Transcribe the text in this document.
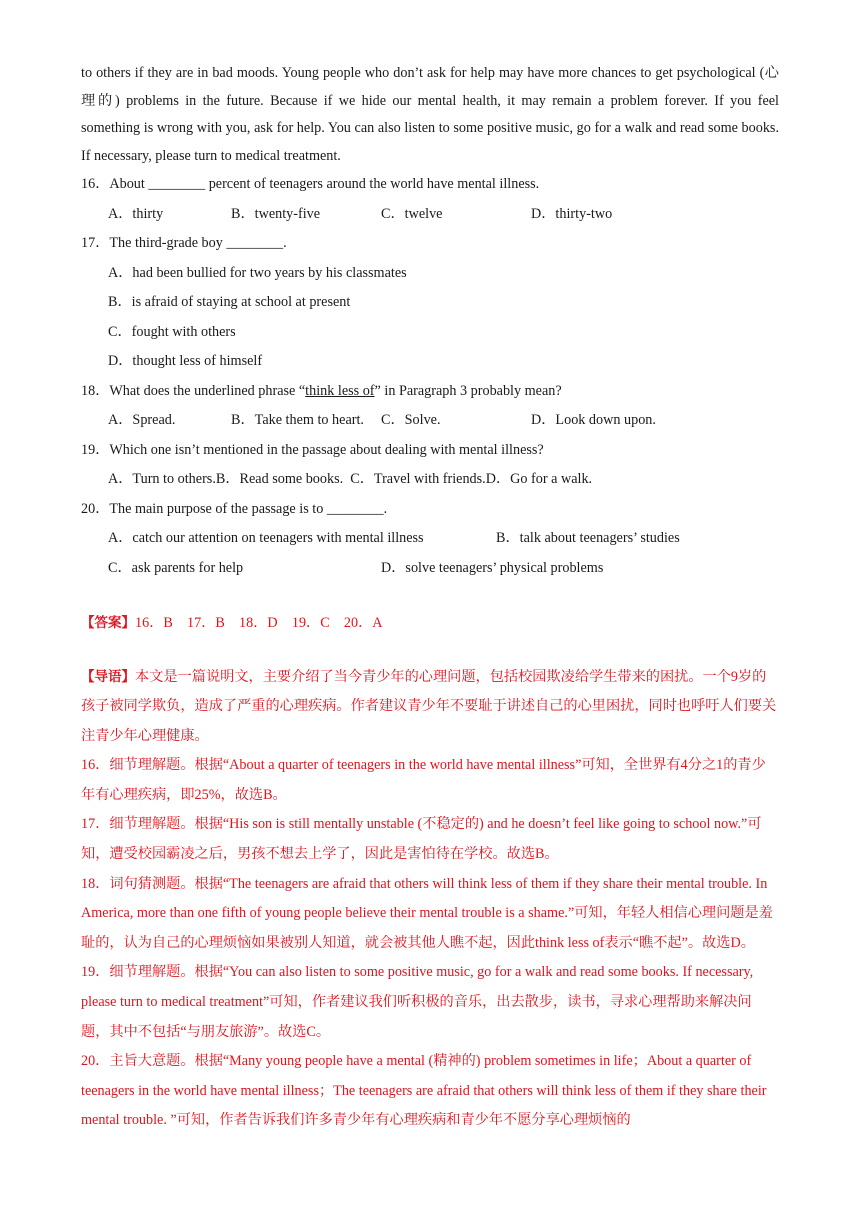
to others if they are in bad moods. Young people who don’t ask for help may have more chances to get psychological (心理的) problems in the future. Because if we hide our mental health, it may remain a problem forever. If you feel something is wrong with you, ask for help. You can also listen to some positive music, go for a walk and read some books. If necessary, please turn to medical treatment.

16．About ________ percent of teenagers around the world have mental illness.

A．thirty	B．twenty-five	C．twelve	D．thirty-two

17．The third-grade boy ________.

A．had been bullied for two years by his classmates
B．is afraid of staying at school at present
C．fought with others
D．thought less of himself

18．What does the underlined phrase “think less of” in Paragraph 3 probably mean?

A．Spread.	B．Take them to heart.	C．Solve.	D．Look down upon.

19．Which one isn’t mentioned in the passage about dealing with mental illness?

A．Turn to others.B．Read some books. C．Travel with friends.D．Go for a walk.

20．The main purpose of the passage is to ________.

A．catch our attention on teenagers with mental illness	B．talk about teenagers’ studies
C．ask parents for help	D．solve teenagers’ physical problems
【答案】16．B　17．B　18．D　19．C　20．A

【导语】本文是一篇说明文，主要介绍了当今青少年的心理问题，包括校园欺凌给学生带来的困扰。一个9岁的孩子被同学欺负，造成了严重的心理疾病。作者建议青少年不要耻于讲述自己的心里困扰，同时也呼吁人们要关注青少年心理健康。

16．细节理解题。根据“About a quarter of teenagers in the world have mental illness”可知，全世界有4分之1的青少年有心理疾病，即25%，故选B。

17．细节理解题。根据“His son is still mentally unstable (不稳定的) and he doesn’t feel like going to school now.”可知，遭受校园霸凌之后，男孩不想去上学了，因此是害怕待在学校。故选B。

18．词句猜测题。根据“The teenagers are afraid that others will think less of them if they share their mental trouble. In America, more than one fifth of young people believe their mental trouble is a shame.”可知，年轻人相信心理问题是羞耻的，认为自己的心理烦恼如果被别人知道，就会被其他人瞧不起，因此think less of表示“瞧不起”。故选D。

19．细节理解题。根据“You can also listen to some positive music, go for a walk and read some books. If necessary, please turn to medical treatment”可知，作者建议我们听积极的音乐，出去散步，读书，寻求心理帮助来解决问题，其中不包括“与朋友旅游”。故选C。

20．主旨大意题。根据“Many young people have a mental (精神的) problem sometimes in life；About a quarter of teenagers in the world have mental illness；The teenagers are afraid that others will think less of them if they share their mental trouble. ”可知，作者告诉我们许多青少年有心理疾病和青少年不愿分享心理烦恼的
